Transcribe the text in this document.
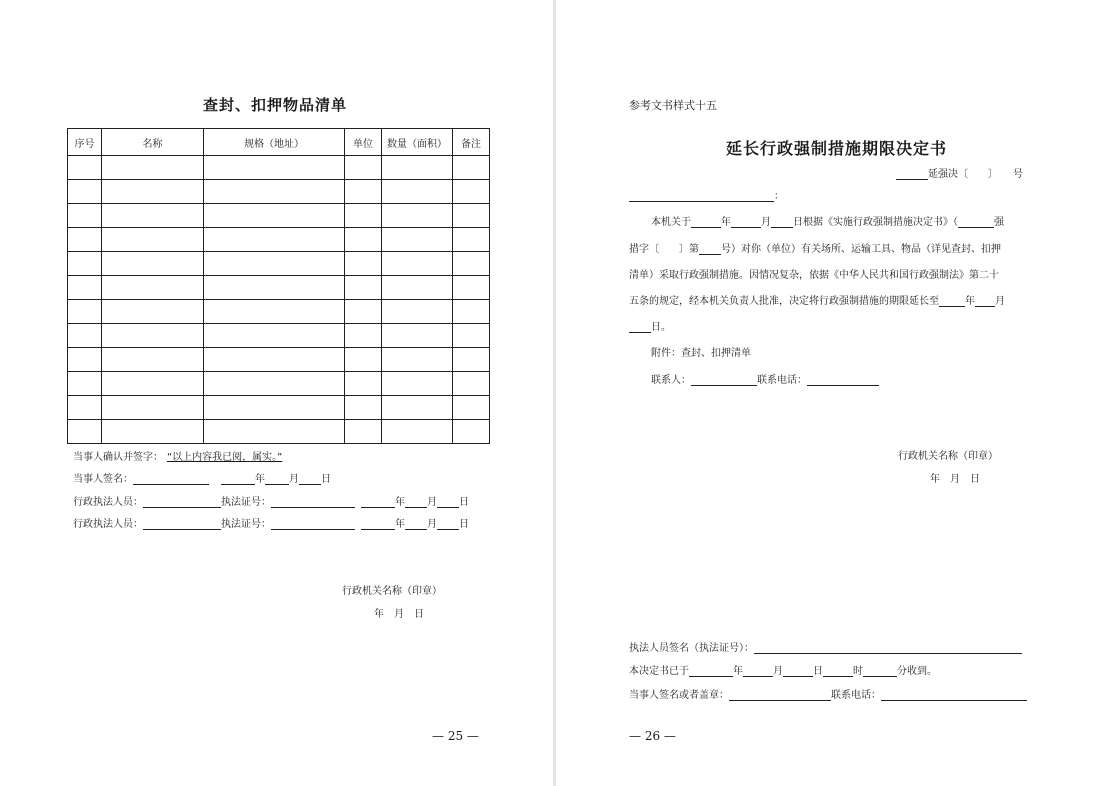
查封、扣押物品清单
序号	名称	规格（地址）	单位	数量（面积）	备注

当事人确认并签字： “以上内容我已阅，属实。”
当事人签名：	年 月 日
行政执法人员：	执法证号：	年 月 日
行政执法人员：	执法证号：	年 月 日
行政机关名称（印章）
年　月　日
— 25 —
参考文书样式十五
延长行政强制措施期限决定书
延强决〔　　〕　　号
：
本机关于	年	月 日根据《实施行政强制措施决定书》（	强
措字〔　　〕第 号）对你（单位）有关场所、运输工具、物品（详见查封、扣押
清单）采取行政强制措施。因情况复杂，依据《中华人民共和国行政强制法》第二十
五条的规定，经本机关负责人批准，决定将行政强制措施的期限延长至	年 月
日。
附件：查封、扣押清单
联系人：	联系电话：
行政机关名称（印章）
年　月　日
执法人员签名（执法证号）：
本决定书已于	年	月	日	时	分收到。
当事人签名或者盖章：	联系电话：
— 26 —
